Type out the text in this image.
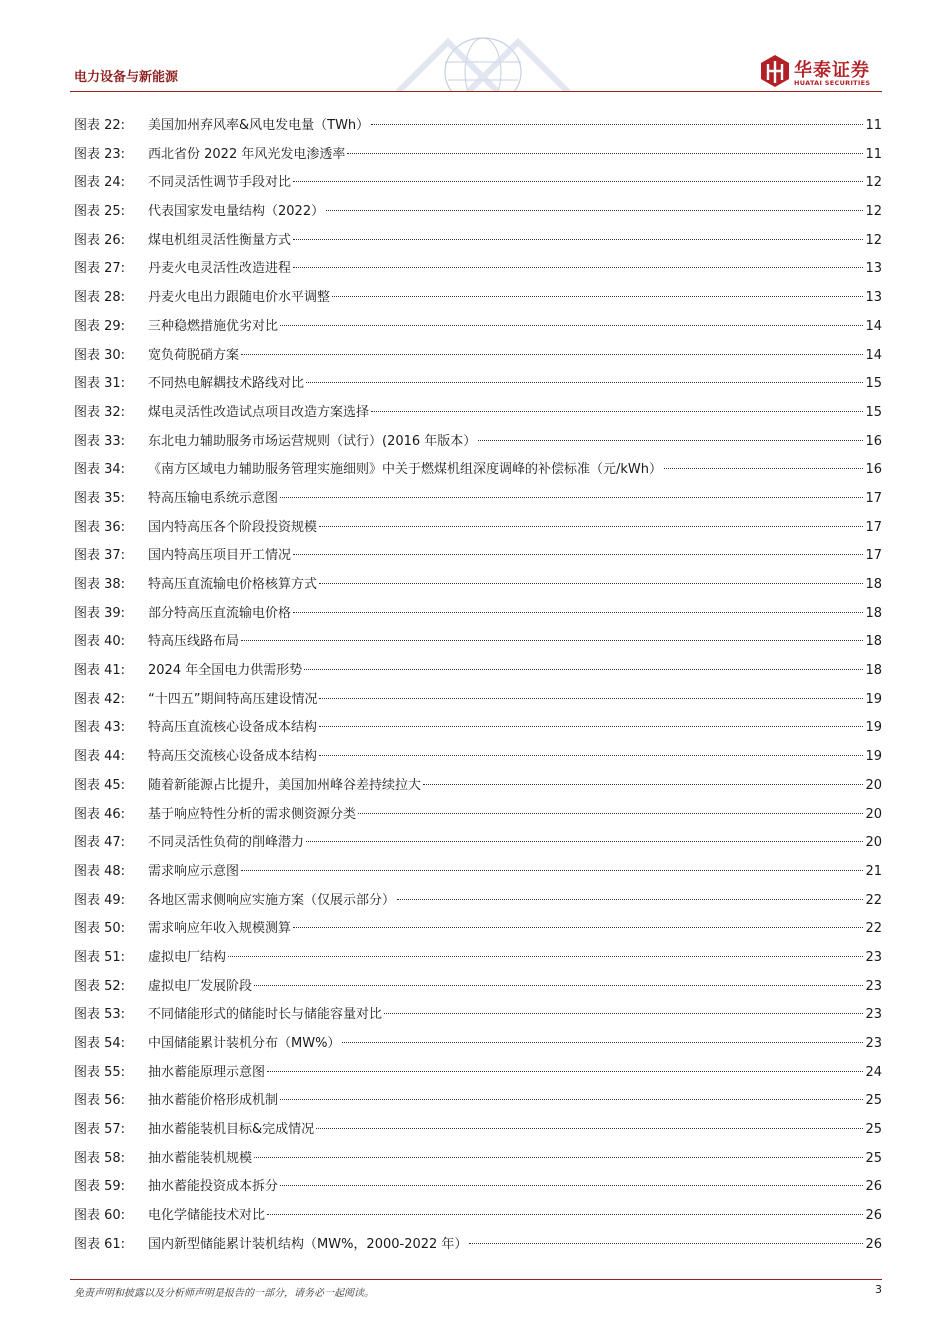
电力设备与新能源	华泰证券
HUATAI SECURITIES
图表 22:	美国加州弃风率&风电发电量（TWh）	11
图表 23:	西北省份 2022 年风光发电渗透率	11
图表 24:	不同灵活性调节手段对比	12
图表 25:	代表国家发电量结构（2022）	12
图表 26:	煤电机组灵活性衡量方式	12
图表 27:	丹麦火电灵活性改造进程	13
图表 28:	丹麦火电出力跟随电价水平调整	13
图表 29:	三种稳燃措施优劣对比	14
图表 30:	宽负荷脱硝方案	14
图表 31:	不同热电解耦技术路线对比	15
图表 32:	煤电灵活性改造试点项目改造方案选择	15
图表 33:	东北电力辅助服务市场运营规则（试行）(2016 年版本）	16
图表 34:	《南方区域电力辅助服务管理实施细则》中关于燃煤机组深度调峰的补偿标准（元/kWh）	16
图表 35:	特高压输电系统示意图	17
图表 36:	国内特高压各个阶段投资规模	17
图表 37:	国内特高压项目开工情况	17
图表 38:	特高压直流输电价格核算方式	18
图表 39:	部分特高压直流输电价格	18
图表 40:	特高压线路布局	18
图表 41:	2024 年全国电力供需形势	18
图表 42:	“十四五”期间特高压建设情况	19
图表 43:	特高压直流核心设备成本结构	19
图表 44:	特高压交流核心设备成本结构	19
图表 45:	随着新能源占比提升，美国加州峰谷差持续拉大	20
图表 46:	基于响应特性分析的需求侧资源分类	20
图表 47:	不同灵活性负荷的削峰潜力	20
图表 48:	需求响应示意图	21
图表 49:	各地区需求侧响应实施方案（仅展示部分）	22
图表 50:	需求响应年收入规模测算	22
图表 51:	虚拟电厂结构	23
图表 52:	虚拟电厂发展阶段	23
图表 53:	不同储能形式的储能时长与储能容量对比	23
图表 54:	中国储能累计装机分布（MW%）	23
图表 55:	抽水蓄能原理示意图	24
图表 56:	抽水蓄能价格形成机制	25
图表 57:	抽水蓄能装机目标&完成情况	25
图表 58:	抽水蓄能装机规模	25
图表 59:	抽水蓄能投资成本拆分	26
图表 60:	电化学储能技术对比	26
图表 61:	国内新型储能累计装机结构（MW%，2000-2022 年）	26
免责声明和披露以及分析师声明是报告的一部分，请务必一起阅读。	3
